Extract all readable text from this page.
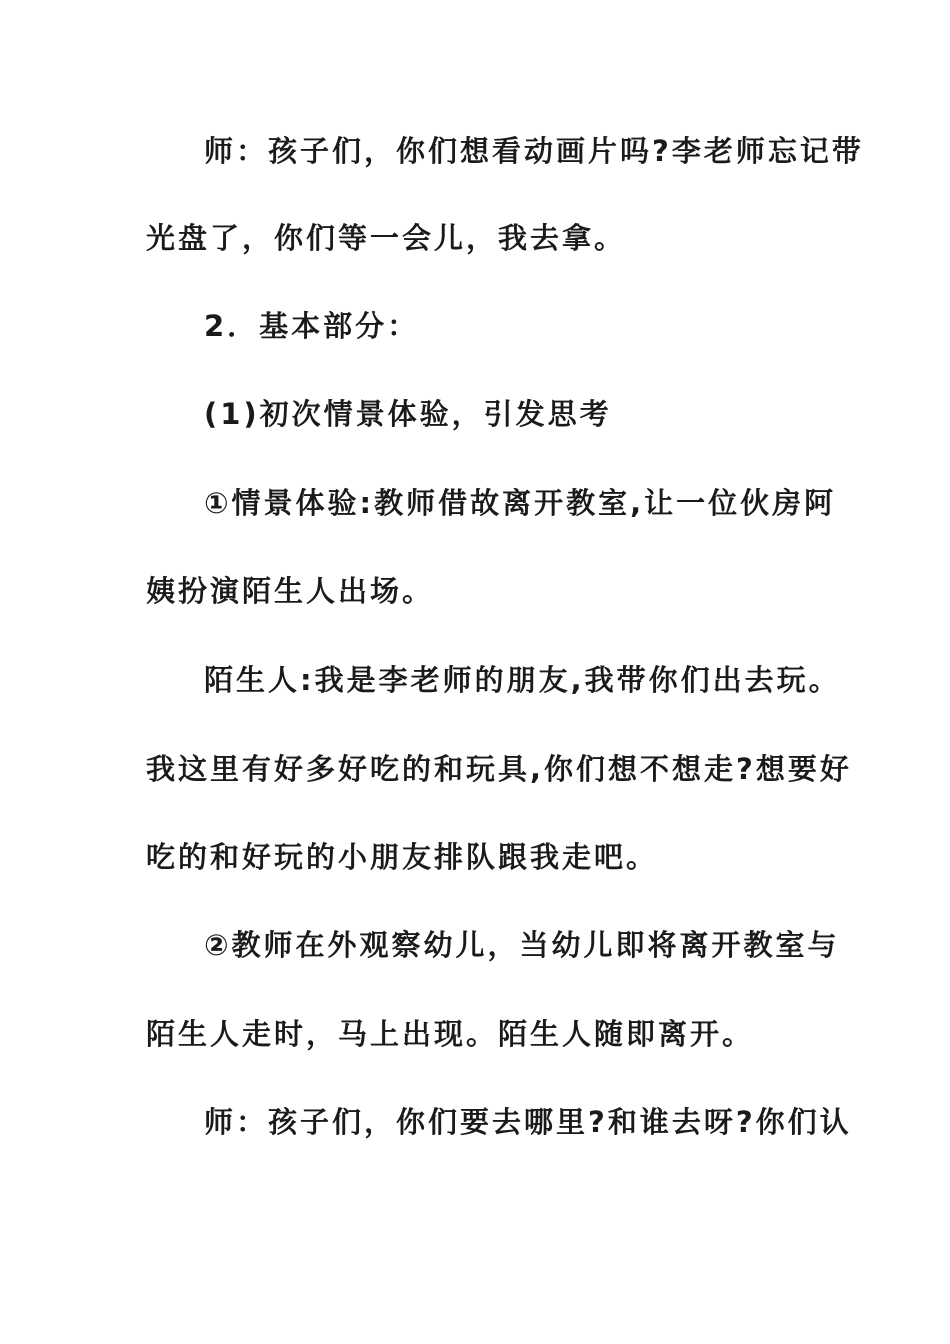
师：孩子们，你们想看动画片吗?李老师忘记带
光盘了，你们等一会儿，我去拿。
2．基本部分：
(1)初次情景体验，引发思考
①情景体验:教师借故离开教室,让一位伙房阿
姨扮演陌生人出场。
陌生人:我是李老师的朋友,我带你们出去玩。
我这里有好多好吃的和玩具,你们想不想走?想要好
吃的和好玩的小朋友排队跟我走吧。
②教师在外观察幼儿，当幼儿即将离开教室与
陌生人走时，马上出现。陌生人随即离开。
师：孩子们，你们要去哪里?和谁去呀?你们认
